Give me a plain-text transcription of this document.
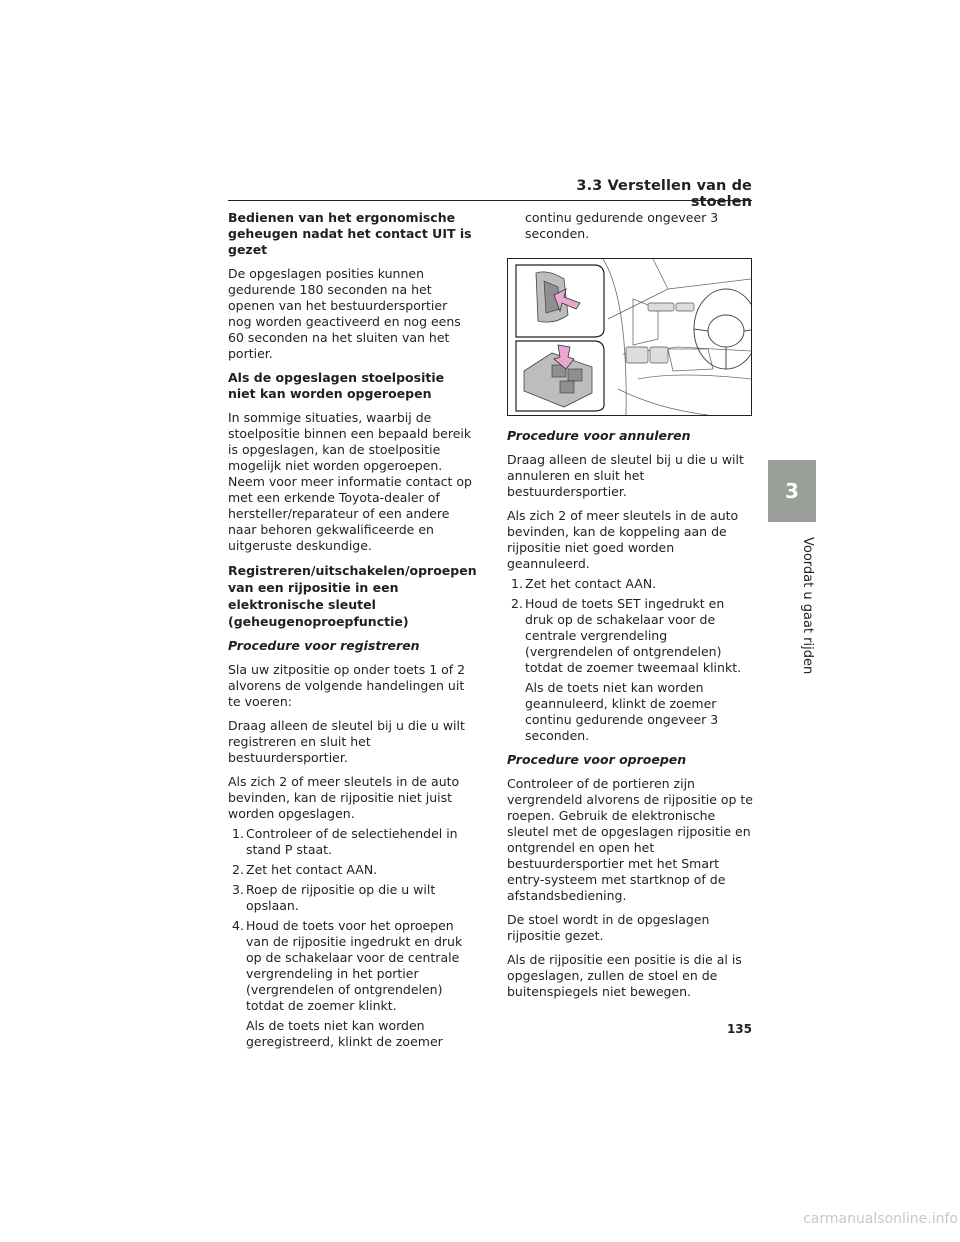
3.3 Verstellen van de stoelen
Bedienen van het ergonomische geheugen nadat het contact UIT is gezet

De opgeslagen posities kunnen gedurende 180 seconden na het openen van het bestuurdersportier nog worden geactiveerd en nog eens 60 seconden na het sluiten van het portier.

Als de opgeslagen stoelpositie niet kan worden opgeroepen

In sommige situaties, waarbij de stoelpositie binnen een bepaald bereik is opgeslagen, kan de stoelpositie mogelijk niet worden opgeroepen. Neem voor meer informatie contact op met een erkende Toyota-dealer of hersteller/reparateur of een andere naar behoren gekwalificeerde en uitgeruste deskundige.

Registreren/uitschakelen/oproepen van een rijpositie in een elektronische sleutel (geheugenoproepfunctie)
Procedure voor registreren

Sla uw zitpositie op onder toets 1 of 2 alvorens de volgende handelingen uit te voeren:

Draag alleen de sleutel bij u die u wilt registreren en sluit het bestuurdersportier.

Als zich 2 of meer sleutels in de auto bevinden, kan de rijpositie niet juist worden opgeslagen.

1. Controleer of de selectiehendel in stand P staat.
2. Zet het contact AAN.
3. Roep de rijpositie op die u wilt opslaan.
4. Houd de toets voor het oproepen van de rijpositie ingedrukt en druk op de schakelaar voor de centrale vergrendeling in het portier (vergrendelen of ontgrendelen) totdat de zoemer klinkt.
Als de toets niet kan worden geregistreerd, klinkt de zoemer
continu gedurende ongeveer 3 seconden.
Procedure voor annuleren

Draag alleen de sleutel bij u die u wilt annuleren en sluit het bestuurdersportier.

Als zich 2 of meer sleutels in de auto bevinden, kan de koppeling aan de rijpositie niet goed worden geannuleerd.

1. Zet het contact AAN.
2. Houd de toets SET ingedrukt en druk op de schakelaar voor de centrale vergrendeling (vergrendelen of ontgrendelen) totdat de zoemer tweemaal klinkt.
Als de toets niet kan worden geannuleerd, klinkt de zoemer continu gedurende ongeveer 3 seconden.
Procedure voor oproepen

Controleer of de portieren zijn vergrendeld alvorens de rijpositie op te roepen. Gebruik de elektronische sleutel met de opgeslagen rijpositie en ontgrendel en open het bestuurdersportier met het Smart entry-systeem met startknop of de afstandsbediening.

De stoel wordt in de opgeslagen rijpositie gezet.

Als de rijpositie een positie is die al is opgeslagen, zullen de stoel en de buitenspiegels niet bewegen.

3
Voordat u gaat rijden
135
carmanualsonline.info
